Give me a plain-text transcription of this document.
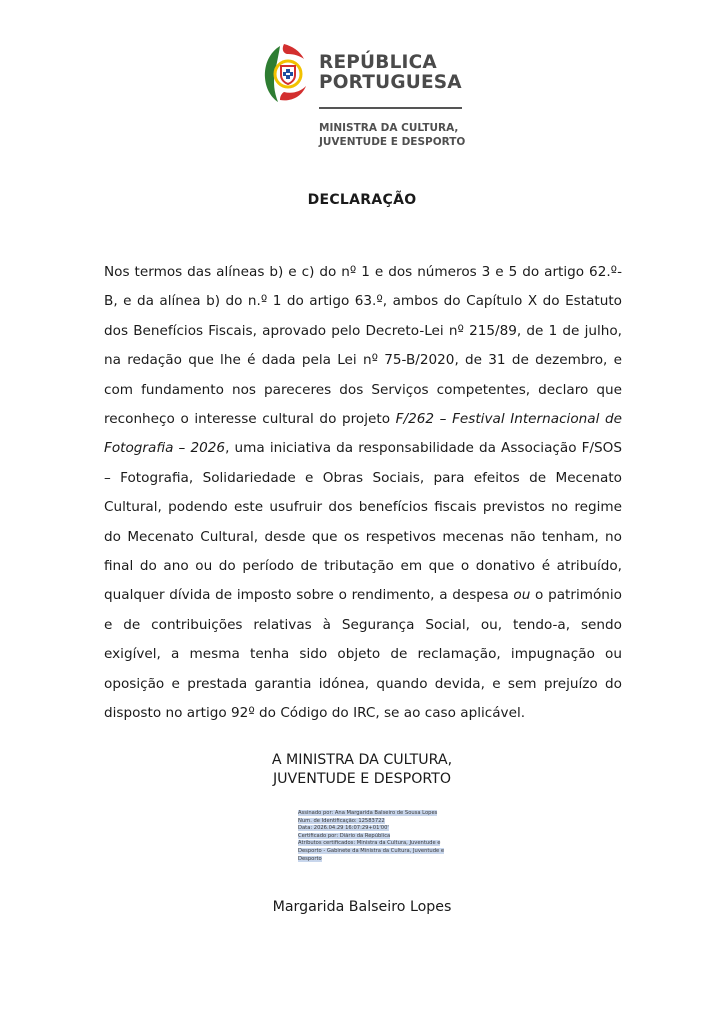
REPÚBLICA
PORTUGUESA
MINISTRA DA CULTURA,
JUVENTUDE E DESPORTO
DECLARAÇÃO
Nos termos das alíneas b) e c) do nº 1 e dos números 3 e 5 do artigo 62.º-B, e da alínea b) do n.º 1 do artigo 63.º, ambos do Capítulo X do Estatuto dos Benefícios Fiscais, aprovado pelo Decreto-Lei nº 215/89, de 1 de julho, na redação que lhe é dada pela Lei nº 75-B/2020, de 31 de dezembro, e com fundamento nos pareceres dos Serviços competentes, declaro que reconheço o interesse cultural do projeto F/262 – Festival Internacional de Fotografia – 2026, uma iniciativa da responsabilidade da Associação F/SOS – Fotografia, Solidariedade e Obras Sociais, para efeitos de Mecenato Cultural, podendo este usufruir dos benefícios fiscais previstos no regime do Mecenato Cultural, desde que os respetivos mecenas não tenham, no final do ano ou do período de tributação em que o donativo é atribuído, qualquer dívida de imposto sobre o rendimento, a despesa ou o património e de contribuições relativas à Segurança Social, ou, tendo-a, sendo exigível, a mesma tenha sido objeto de reclamação, impugnação ou oposição e prestada garantia idónea, quando devida, e sem prejuízo do disposto no artigo 92º do Código do IRC, se ao caso aplicável.
A MINISTRA DA CULTURA,
JUVENTUDE E DESPORTO
Assinado por: Ana Margarida Balseiro de Sousa Lopes
Num. de Identificação: 12583722
Data: 2026.04.29 16:07:29+01'00'
Certificado por: Diário da República
Atributos certificados: Ministra da Cultura, Juventude e
Desporto - Gabinete da Ministra da Cultura, Juventude e
Desporto
Margarida Balseiro Lopes
